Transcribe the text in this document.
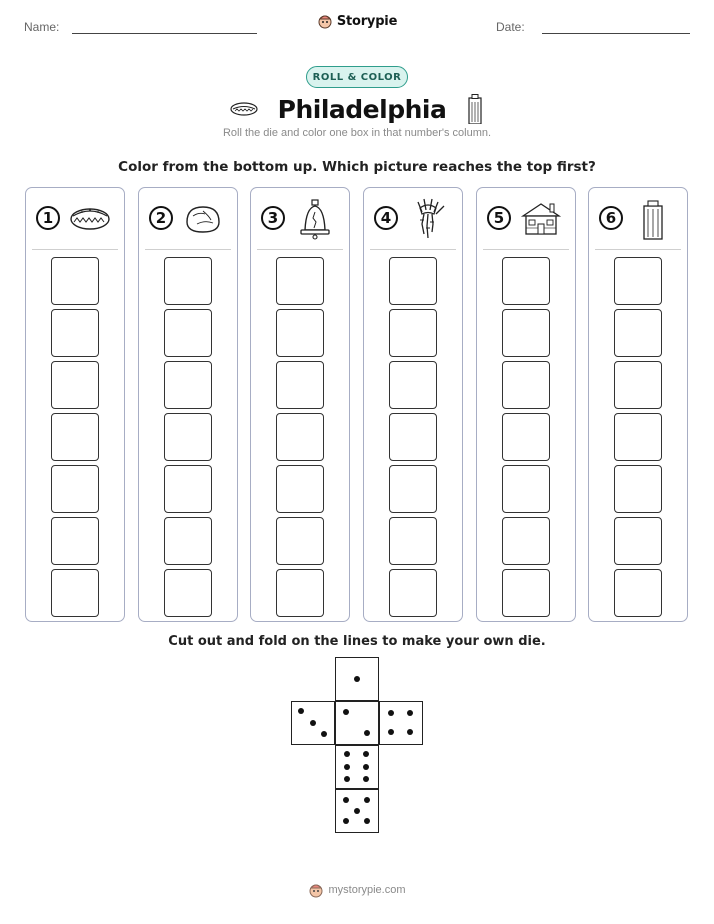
Name:	Storypie	Date:
ROLL & COLOR
Philadelphia
Roll the die and color one box in that number's column.
Color from the bottom up. Which picture reaches the top first?
1	2	3	4	5	6
Cut out and fold on the lines to make your own die.
mystorypie.com
